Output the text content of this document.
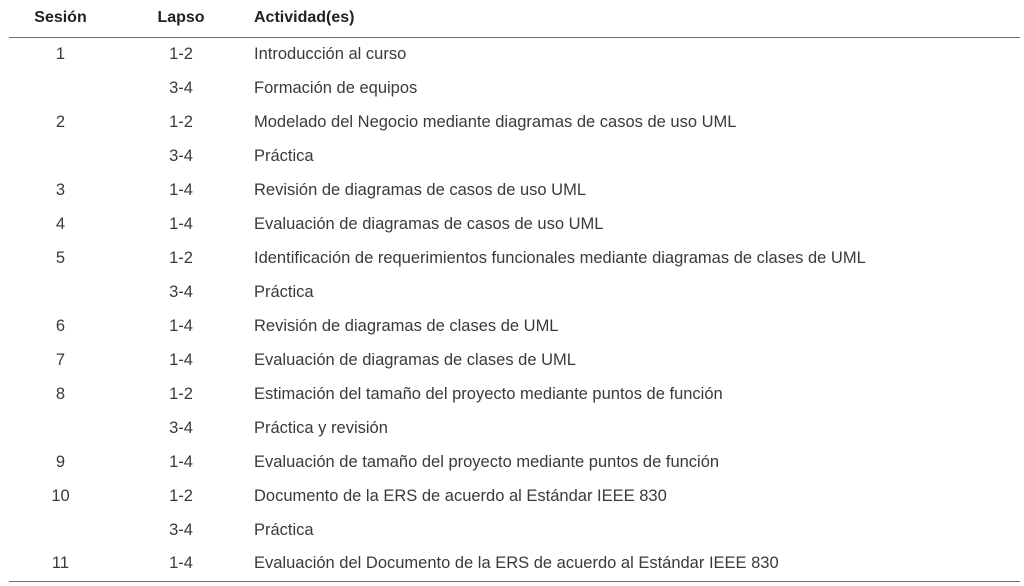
Sesión	Lapso	Actividad(es)
1	1-2	Introducción al curso
	3-4	Formación de equipos
2	1-2	Modelado del Negocio mediante diagramas de casos de uso UML
	3-4	Práctica
3	1-4	Revisión de diagramas de casos de uso UML
4	1-4	Evaluación de diagramas de casos de uso UML
5	1-2	Identificación de requerimientos funcionales mediante diagramas de clases de UML
	3-4	Práctica
6	1-4	Revisión de diagramas de clases de UML
7	1-4	Evaluación de diagramas de clases de UML
8	1-2	Estimación del tamaño del proyecto mediante puntos de función
	3-4	Práctica y revisión
9	1-4	Evaluación de tamaño del proyecto mediante puntos de función
10	1-2	Documento de la ERS de acuerdo al Estándar IEEE 830
	3-4	Práctica
11	1-4	Evaluación del Documento de la ERS de acuerdo al Estándar IEEE 830
